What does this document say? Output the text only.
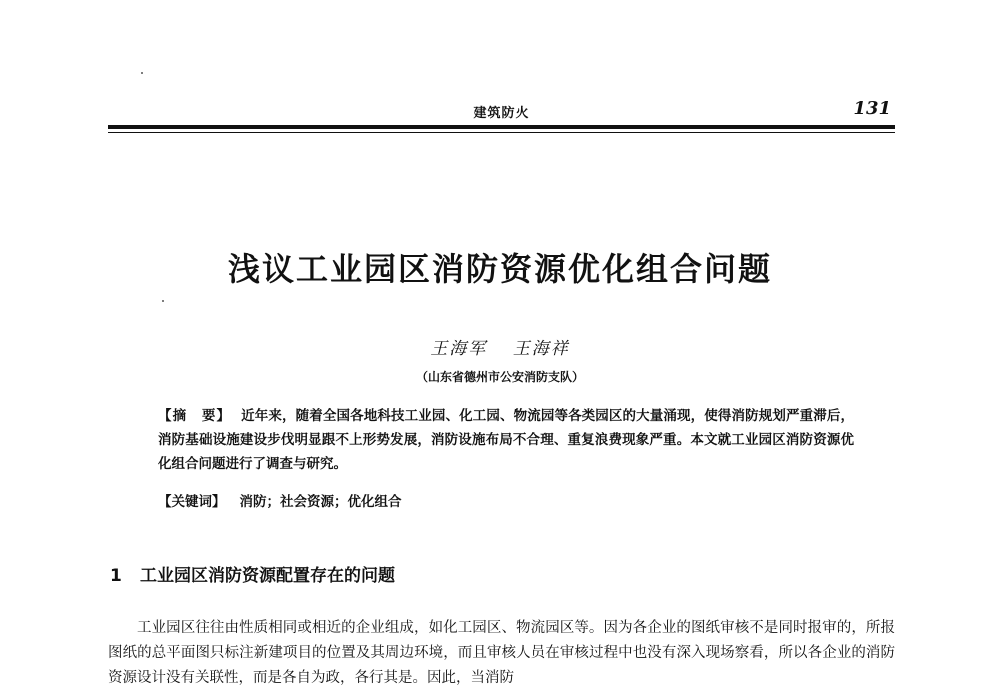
建筑防火	131
浅议工业园区消防资源优化组合问题
王海军 王海祥
（山东省德州市公安消防支队）
【摘　要】 近年来，随着全国各地科技工业园、化工园、物流园等各类园区的大量涌现，使得消防规划严重滞后，消防基础设施建设步伐明显跟不上形势发展，消防设施布局不合理、重复浪费现象严重。本文就工业园区消防资源优化组合问题进行了调查与研究。
【关键词】 消防；社会资源；优化组合
1 工业园区消防资源配置存在的问题

工业园区往往由性质相同或相近的企业组成，如化工园区、物流园区等。因为各企业的图纸审核不是同时报审的，所报图纸的总平面图只标注新建项目的位置及其周边环境，而且审核人员在审核过程中也没有深入现场察看，所以各企业的消防资源设计没有关联性，而是各自为政，各行其是。因此，当消防
